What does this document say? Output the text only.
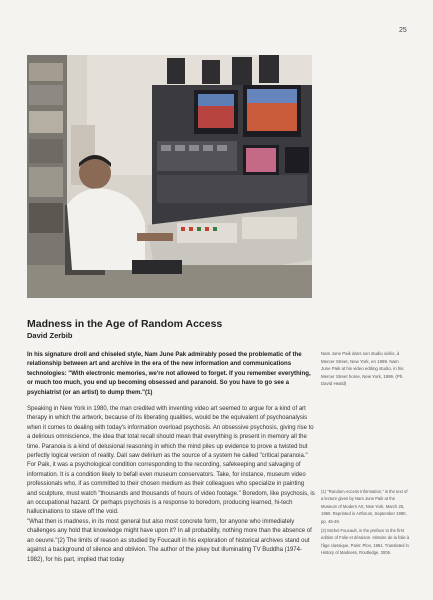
25
Madness in the Age of Random Access
David Zerbib

In his signature droll and chiseled style, Nam June Pak admirably posed the problematic of the relationship between art and archive in the era of the new information and communications technologies: "With electronic memories, we're not allowed to forget. If you remember everything, or much too much, you end up becoming obsessed and paranoid. So you have to go see a psychiatrist (or an artist) to dump them."(1)

Speaking in New York in 1980, the man credited with inventing video art seemed to argue for a kind of art therapy in which the artwork, because of its liberating qualities, would be the equivalent of psychoanalysis when it comes to dealing with today's information overload psychosis. An obsessive psychosis, giving rise to a delirious omniscience, the idea that total recall should mean that everything is present in memory all the time. Paranoia is a kind of delusional reasoning in which the mind piles up evidence to prove a twisted but perfectly logical version of reality. Dalí saw delirium as the source of a system he called "critical paranoia." For Paik, it was a psychological condition corresponding to the recording, safekeeping and salvaging of information. It is a condition likely to befall even museum conservators. Take, for instance, museum video professionals who, if as committed to their chosen medium as their colleagues who specialize in painting and sculpture, must watch "thousands and thousands of hours of video footage." Boredom, like psychosis, is an occupational hazard. Or perhaps psychosis is a response to boredom, producing learned, hi-tech hallucinations to stave off the void.

"What then is madness, in its most general but also most concrete form, for anyone who immediately challenges any hold that knowledge might have upon it? In all probability, nothing more than the absence of an oeuvre."(2) The limits of reason as studied by Foucault in his exploration of historical archives stand out against a background of silence and oblivion. The author of the jokey but illuminating TV Buddha (1974-1982), for his part, implied that today

Nam June Paik dans son studio vidéo, à Mercer Street, New York, en 1999. Nam June Paik at his video editing studio, in his Mercer Street home, New York, 1999. (Ph. David Heald)

(1) "Random Access Information," is the text of a lecture given by Nam June Paik at the Museum of Modern Art, New York, March 25, 1980. Reprinted in Artforum, September 1980, pp. 46-49.

(2) Michel Foucault, in the preface to the first edition of Folie et déraison. Histoire de la folie à l'âge classique, Paris: Plon, 1961. Translated in History of Madness, Routledge, 2006.
